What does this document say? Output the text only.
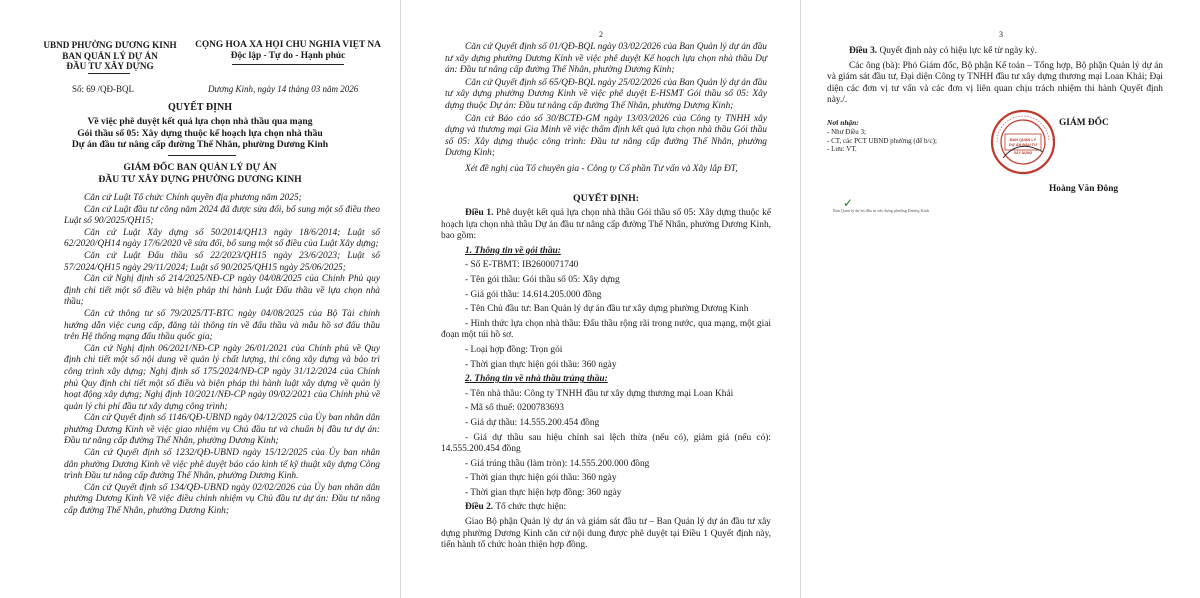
UBND PHƯỜNG DƯƠNG KINH
BAN QUẢN LÝ DỰ ÁN
ĐẦU TƯ XÂY DỰNG
CỘNG HOÀ XÃ HỘI CHỦ NGHĨA VIỆT NA
Độc lập - Tự do - Hạnh phúc
Số: 69 /QĐ-BQL	Dương Kinh, ngày 14 tháng 03 năm 2026
QUYẾT ĐỊNH
Về việc phê duyệt kết quả lựa chọn nhà thầu qua mạng
Gói thầu số 05: Xây dựng thuộc kế hoạch lựa chọn nhà thầu
Dự án đầu tư nâng cấp đường Thế Nhân, phường Dương Kinh
GIÁM ĐỐC BAN QUẢN LÝ DỰ ÁN
ĐẦU TƯ XÂY DỰNG PHƯỜNG DƯƠNG KINH
Căn cứ Luật Tổ chức Chính quyền địa phương năm 2025;
Căn cứ Luật đầu tư công năm 2024 đã được sửa đổi, bổ sung một số điều theo Luật số 90/2025/QH15;
Căn cứ Luật Xây dựng số 50/2014/QH13 ngày 18/6/2014; Luật số 62/2020/QH14 ngày 17/6/2020 về sửa đổi, bổ sung một số điều của Luật Xây dựng;
Căn cứ Luật Đấu thầu số 22/2023/QH15 ngày 23/6/2023; Luật số 57/2024/QH15 ngày 29/11/2024; Luật số 90/2025/QH15 ngày 25/06/2025;
Căn cứ Nghị định số 214/2025/NĐ-CP ngày 04/08/2025 của Chính Phủ quy định chi tiết một số điều và biện pháp thi hành Luật Đấu thầu về lựa chọn nhà thầu;
Căn cứ thông tư số 79/2025/TT-BTC ngày 04/08/2025 của Bộ Tài chính hướng dẫn việc cung cấp, đăng tải thông tin về đấu thầu và mẫu hồ sơ đấu thầu trên Hệ thống mạng đấu thầu quốc gia;
Căn cứ Nghị định 06/2021/NĐ-CP ngày 26/01/2021 của Chính phủ về Quy định chi tiết một số nội dung về quản lý chất lượng, thi công xây dựng và bảo trì công trình xây dựng; Nghị định số 175/2024/NĐ-CP ngày 31/12/2024 của Chính phủ Quy định chi tiết một số điều và biện pháp thi hành luật xây dựng về quản lý hoạt động xây dựng; Nghị định 10/2021/NĐ-CP ngày 09/02/2021 của Chính phủ về quản lý chi phí đầu tư xây dựng công trình;
Căn cứ Quyết định số 1146/QĐ-UBND ngày 04/12/2025 của Ủy ban nhân dân phường Dương Kinh về việc giao nhiệm vụ Chủ đầu tư và chuẩn bị đầu tư dự án: Đầu tư nâng cấp đường Thế Nhân, phường Dương Kinh;
Căn cứ Quyết định số 1232/QĐ-UBND ngày 15/12/2025 của Ủy ban nhân dân phường Dương Kinh về việc phê duyệt báo cáo kinh tế kỹ thuật xây dựng Công trình Đầu tư nâng cấp đường Thế Nhân, phường Dương Kinh.
Căn cứ Quyết định số 134/QĐ-UBND ngày 02/02/2026 của Ủy ban nhân dân phường Dương Kinh Về việc điều chỉnh nhiệm vụ Chủ đầu tư dự án: Đầu tư nâng cấp đường Thế Nhân, phường Dương Kinh;
2
Căn cứ Quyết định số 01/QĐ-BQL ngày 03/02/2026 của Ban Quản lý dự án đầu tư xây dựng phường Dương Kinh về việc phê duyệt Kế hoạch lựa chọn nhà thầu Dự án: Đầu tư nâng cấp đường Thế Nhân, phường Dương Kinh;
Căn cứ Quyết định số 65/QĐ-BQL ngày 25/02/2026 của Ban Quản lý dự án đầu tư xây dựng phường Dương Kinh về việc phê duyệt E-HSMT Gói thầu số 05: Xây dựng thuộc Dự án: Đầu tư nâng cấp đường Thế Nhân, phường Dương Kinh;
Căn cứ Báo cáo số 30/BCTĐ-GM ngày 13/03/2026 của Công ty TNHH xây dựng và thương mại Gia Minh về việc thẩm định kết quả lựa chọn nhà thầu Gói thầu số 05: Xây dựng thuộc công trình: Đầu tư nâng cấp đường Thế Nhân, phường Dương Kinh;
Xét đề nghị của Tổ chuyên gia - Công ty Cổ phần Tư vấn và Xây lắp ĐT,
QUYẾT ĐỊNH:
Điều 1. Phê duyệt kết quả lựa chọn nhà thầu Gói thầu số 05: Xây dựng thuộc kế hoạch lựa chọn nhà thầu Dự án đầu tư nâng cấp đường Thế Nhân, phường Dương Kinh, bao gồm:
1. Thông tin về gói thầu:
- Số E-TBMT: IB2600071740
- Tên gói thầu: Gói thầu số 05: Xây dựng
- Giá gói thầu: 14.614.205.000 đồng
- Tên Chủ đầu tư: Ban Quản lý dự án đầu tư xây dựng phường Dương Kinh
- Hình thức lựa chọn nhà thầu: Đấu thầu rộng rãi trong nước, qua mạng, một giai đoạn một túi hồ sơ.
- Loại hợp đồng: Trọn gói
- Thời gian thực hiện gói thầu: 360 ngày
2. Thông tin về nhà thầu trúng thầu:
- Tên nhà thầu: Công ty TNHH đầu tư xây dựng thương mại Loan Khải
- Mã số thuế: 0200783693
- Giá dự thầu: 14.555.200.454 đồng
- Giá dự thầu sau hiệu chỉnh sai lệch thừa (nếu có), giảm giá (nếu có): 14.555.200.454 đồng
- Giá trúng thầu (làm tròn): 14.555.200.000 đồng
- Thời gian thực hiện gói thầu: 360 ngày
- Thời gian thực hiện hợp đồng: 360 ngày
Điều 2. Tổ chức thực hiện:
Giao Bộ phận Quản lý dự án và giám sát đầu tư – Ban Quản lý dự án đầu tư xây dựng phường Dương Kinh căn cứ nội dung được phê duyệt tại Điều 1 Quyết định này, tiến hành tổ chức hoàn thiện hợp đồng.
3
Điều 3. Quyết định này có hiệu lực kể từ ngày ký.
Các ông (bà): Phó Giám đốc, Bộ phận Kế toán – Tổng hợp, Bộ phận Quản lý dự án và giám sát đầu tư, Đại diện Công ty TNHH đầu tư xây dựng thương mại Loan Khải; Đại diện các đơn vị tư vấn và các đơn vị liên quan chịu trách nhiệm thi hành Quyết định này./.
Nơi nhận:
- Như Điều 3;
- CT, các PCT UBND phường (để b/c);
- Lưu: VT.
GIÁM ĐỐC
BAN QUẢN LÝ
DỰ ÁN ĐẦU TƯ
XÂY DỰNG
Hoàng Văn Đông
✓
Ban Quản lý dự án đầu tư xây dựng phường Dương Kinh
